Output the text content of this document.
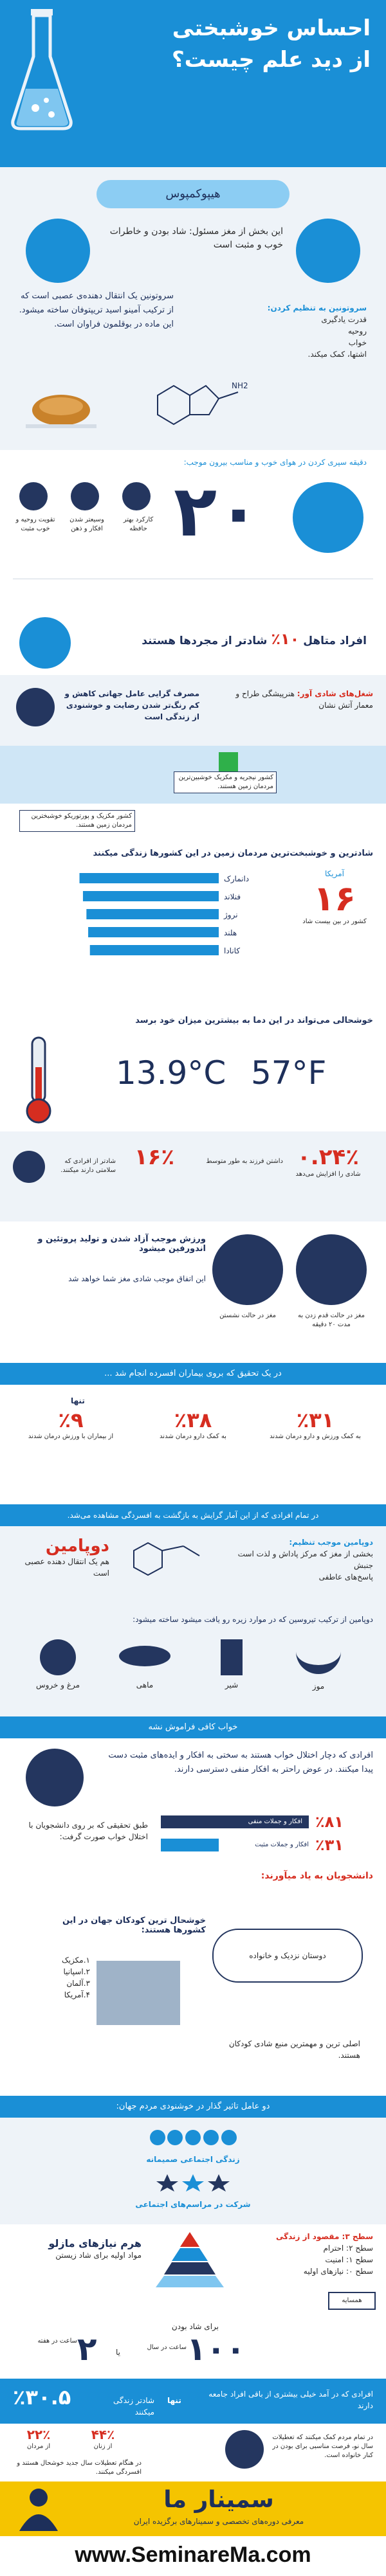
احساس خوشبختی
از دید علم چیست؟
هیپوکمپوس
این بخش از مغز مسئول: شاد بودن و خاطرات خوب و مثبت است
سروتونین به تنظیم کردن:
قدرت یادگیری
روحیه
خواب
اشتها، کمک میکند.
سروتونین یک انتقال دهنده‌ی عصبی است که از ترکیب آمینو اسید تریپتوفان ساخته میشود. این ماده در بوقلمون فراوان است.
NH2
دقیقه سپری کردن در هوای خوب و مناسب بیرون موجب:
۲۰
تقویت روحیه و خوب مثبت
وسیعتر شدن افکار و ذهن
کارکرد بهتر حافظه
افراد متاهل ۱۰٪ شادتر از مجردها هستند
مصرف گرایی عامل جهانی کاهش و کم رنگ‌تر شدن رضایت و خوشنودی از زندگی است
شغل‌های شادی آور: هنرپیشگی طراح و معمار آتش نشان
کشور نیجریه و مکزیک خوشبین‌ترین مردمان زمین هستند.
کشور مکزیک و پورتوریکو خوشبخترین مردمان زمین هستند.
شادترین و خوشبخت‌ترین مردمان زمین در این کشورها زندگی میکنند
دانمارک
فنلاند
نروژ
هلند
کانادا
آمریکا
۱۶
کشور در بین بیست شاد
خوشحالی می‌تواند در این دما به بیشترین میزان خود برسد
13.9°C 57°F
۰.۲۴٪
شادی را افزایش می‌دهد
داشتن فرزند به طور متوسط
۱۶٪
شادتر از افرادی که سلامتی دارند میکنند.
ورزش موجب آزاد شدن و تولید پروتئین و اندورفین میشود
این اتفاق موجب شادی مغز شما خواهد شد
مغز در حالت نشستن	مغز در حالت قدم زدن به مدت ۲۰ دقیقه
در یک تحقیق که بروی بیماران افسرده انجام شد ...
تنها
٪۳۱
به کمک ورزش و دارو درمان شدند
٪۳۸
به کمک دارو درمان شدند
٪۹
از بیماران با ورزش درمان شدند
در تمام افرادی که از این آمار گرایش به بازگشت به افسردگی مشاهده می‌شد.
دوپامین
هم یک انتقال دهنده عصبی است
دوپامین موجب تنظیم:
بخشی از مغز که مرکز پاداش و لذت است
جنبش
پاسخ‌های عاطفی
دوپامین از ترکیب تیروسین که در موارد زیره رو یافت میشود ساخته میشود:
موز
شیر
ماهی
مرغ و خروس
خواب کافی فراموش نشه
افرادی که دچار اختلال خواب هستند به سختی به افکار و ایده‌های مثبت دست پیدا میکنند. در عوض راحتر به افکار منفی دسترسی دارند.
طبق تحقیقی که بر روی دانشجویان با اختلال خواب صورت گرفت:
افکار و جملات منفی ٪۸۱
افکار و جملات مثبت ٪۳۱
دانشجویان به یاد میآورند:
خوشحال ترین کودکان جهان در این کشورها هستند:
۱.مکزیک
۲.اسپانیا
۳.آلمان
۴.آمریکا
دوستان نزدیک و خانواده
اصلی ترین و مهمترین منبع شادی کودکان هستند.
دو عامل تاثیر گذار در خوشنودی مردم جهان:
زندگی اجتماعی صمیمانه
شرکت در مراسم‌های اجتماعی
هرم نیازهای مازلو
مواد اولیه برای شاد زیستن
سطح ۳: مقصود از زندگی
سطح ۲: احترام
سطح ۱: امنیت
سطح ۰: نیازهای اولیه
همسایه
برای شاد بودن
ساعت در هفته ۲ یا
ساعت در سال ۱۰۰
٪۳۰.۵	شادتر زندگی میکنند
تنها
افرادی که در آمد خیلی بیشتری از باقی افراد جامعه دارند
۲۲٪
از مردان
۴۴٪
از زنان
در هنگام تعطیلات سال جدید خوشحال هستند و افسردگی میکنند.
در تمام مردم کمک میکنند که تعطیلات سال نو، فرصت مناسبی برای بودن در کنار خانواده است.
سمینار ما
معرفی دوره‌های تخصصی و سمینارهای برگزیده ایران
www.SeminareMa.com
